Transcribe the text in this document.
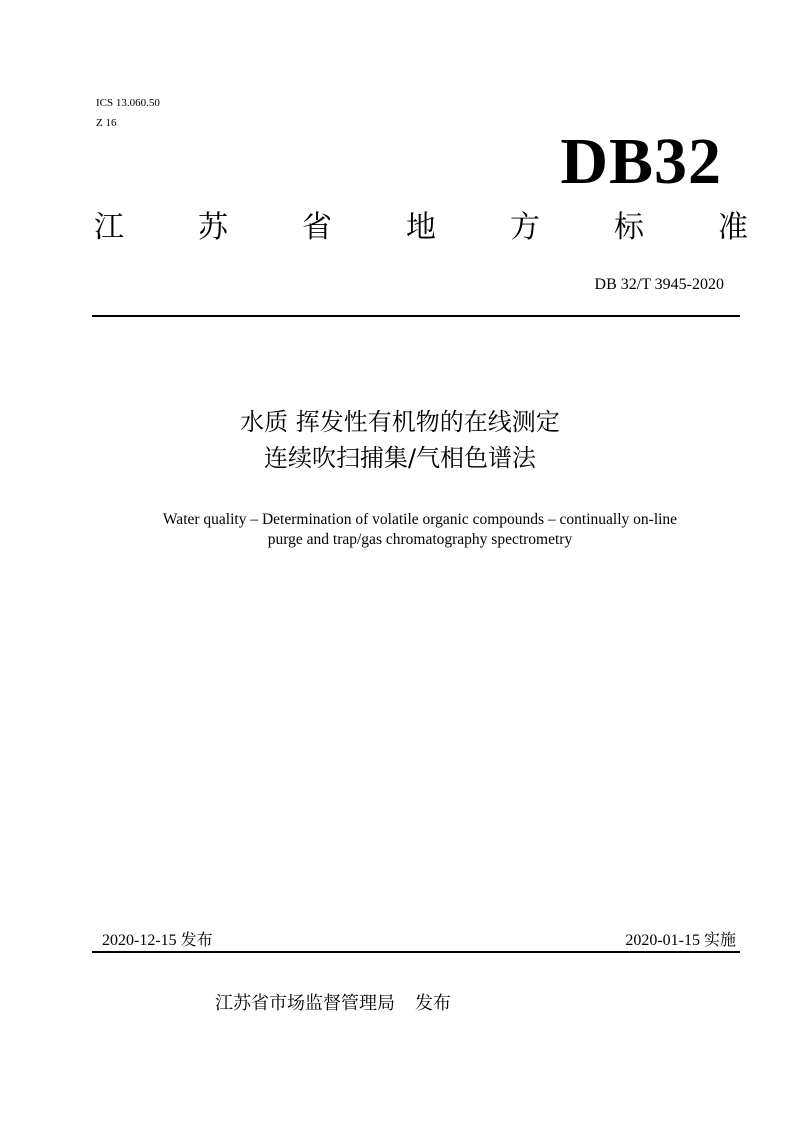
ICS 13.060.50
Z 16
DB32
江 苏 省 地 方 标 准
DB 32/T 3945-2020
水质 挥发性有机物的在线测定
连续吹扫捕集/气相色谱法
Water quality – Determination of volatile organic compounds – continually on-line
purge and trap/gas chromatography spectrometry
2020-12-15 发布	2020-01-15 实施
江苏省市场监督管理局 发布
